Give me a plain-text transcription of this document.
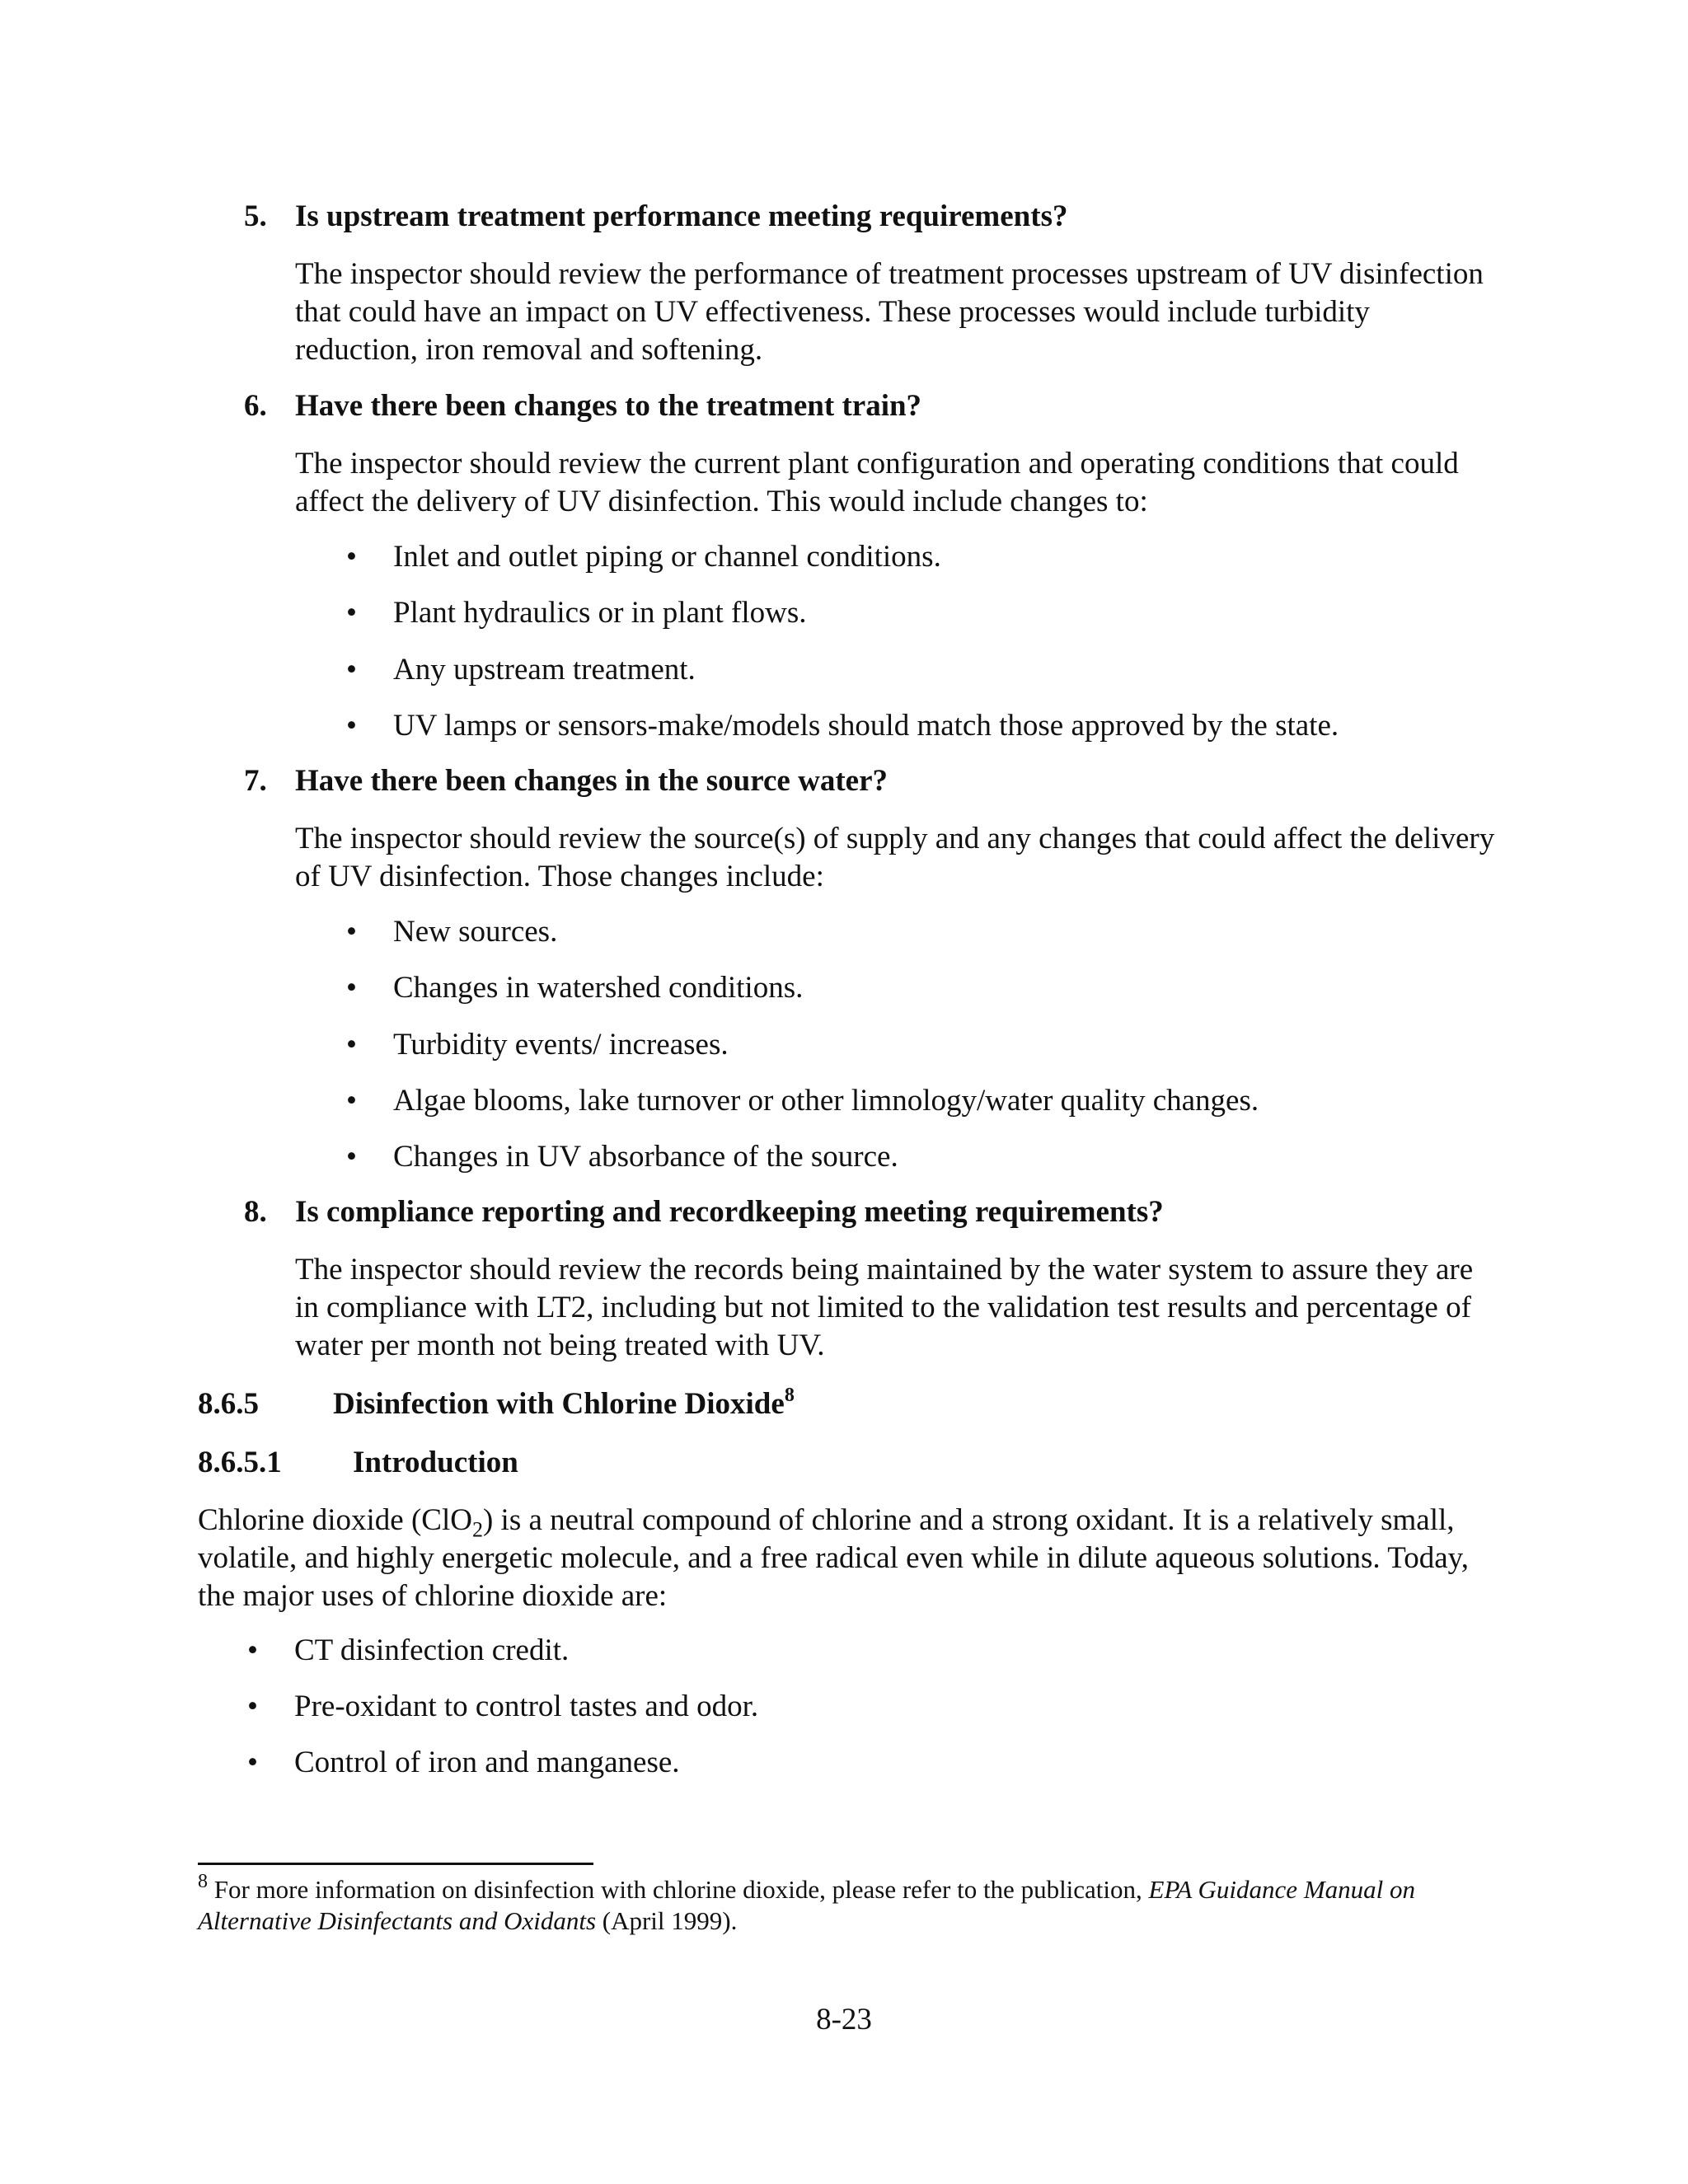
5. Is upstream treatment performance meeting requirements?

The inspector should review the performance of treatment processes upstream of UV disinfection that could have an impact on UV effectiveness. These processes would include turbidity reduction, iron removal and softening.

6. Have there been changes to the treatment train?

The inspector should review the current plant configuration and operating conditions that could affect the delivery of UV disinfection. This would include changes to:

• Inlet and outlet piping or channel conditions.
• Plant hydraulics or in plant flows.
• Any upstream treatment.
• UV lamps or sensors-make/models should match those approved by the state.
7. Have there been changes in the source water?

The inspector should review the source(s) of supply and any changes that could affect the delivery of UV disinfection. Those changes include:

• New sources.
• Changes in watershed conditions.
• Turbidity events/ increases.
• Algae blooms, lake turnover or other limnology/water quality changes.
• Changes in UV absorbance of the source.
8. Is compliance reporting and recordkeeping meeting requirements?

The inspector should review the records being maintained by the water system to assure they are in compliance with LT2, including but not limited to the validation test results and percentage of water per month not being treated with UV.

8.6.5 Disinfection with Chlorine Dioxide$^8$
8.6.5.1 Introduction

Chlorine dioxide (ClO$_2$) is a neutral compound of chlorine and a strong oxidant. It is a relatively small, volatile, and highly energetic molecule, and a free radical even while in dilute aqueous solutions. Today, the major uses of chlorine dioxide are:

• CT disinfection credit.
• Pre-oxidant to control tastes and odor.
• Control of iron and manganese.

$^8$ For more information on disinfection with chlorine dioxide, please refer to the publication, EPA Guidance Manual on Alternative Disinfectants and Oxidants (April 1999).

8-23
